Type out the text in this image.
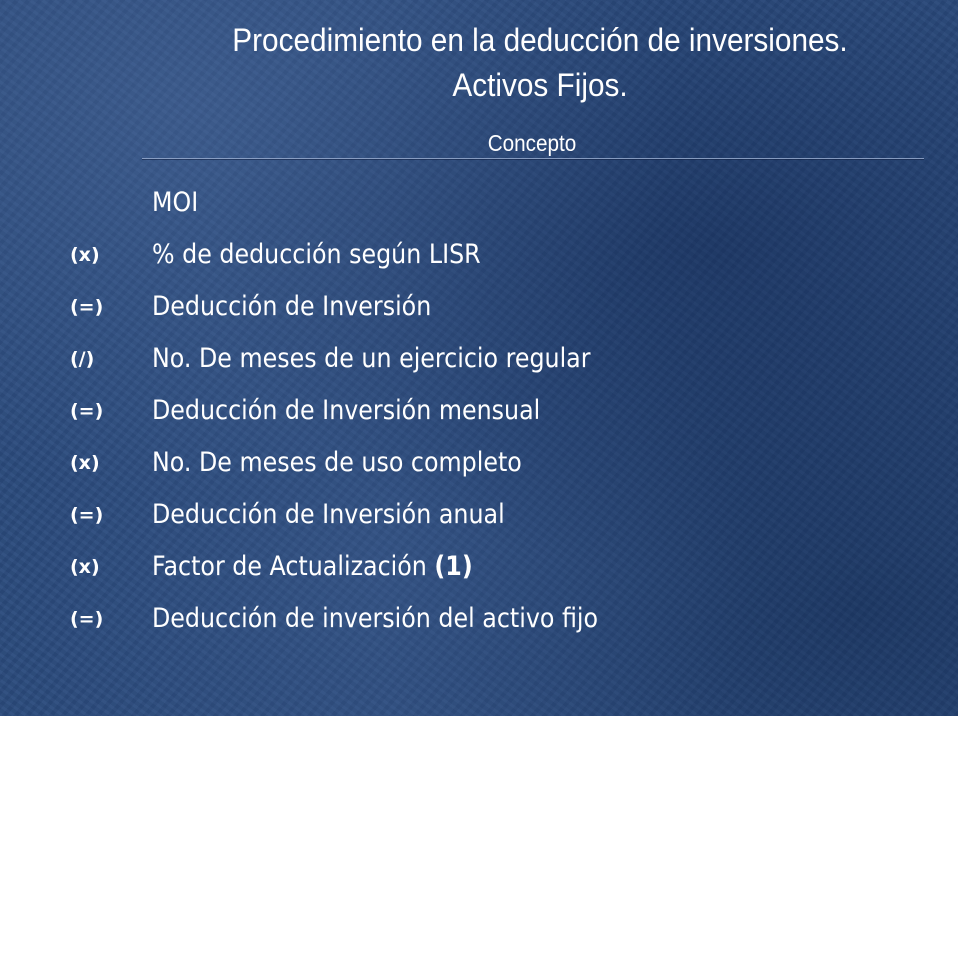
Procedimiento en la deducción de inversiones.
Activos Fijos.
Concepto
MOI
(x) % de deducción según LISR
(=) Deducción de Inversión
(/) No. De meses de un ejercicio regular
(=) Deducción de Inversión mensual
(x) No. De meses de uso completo
(=) Deducción de Inversión anual
(x) Factor de Actualización (1)
(=) Deducción de inversión del activo fijo
